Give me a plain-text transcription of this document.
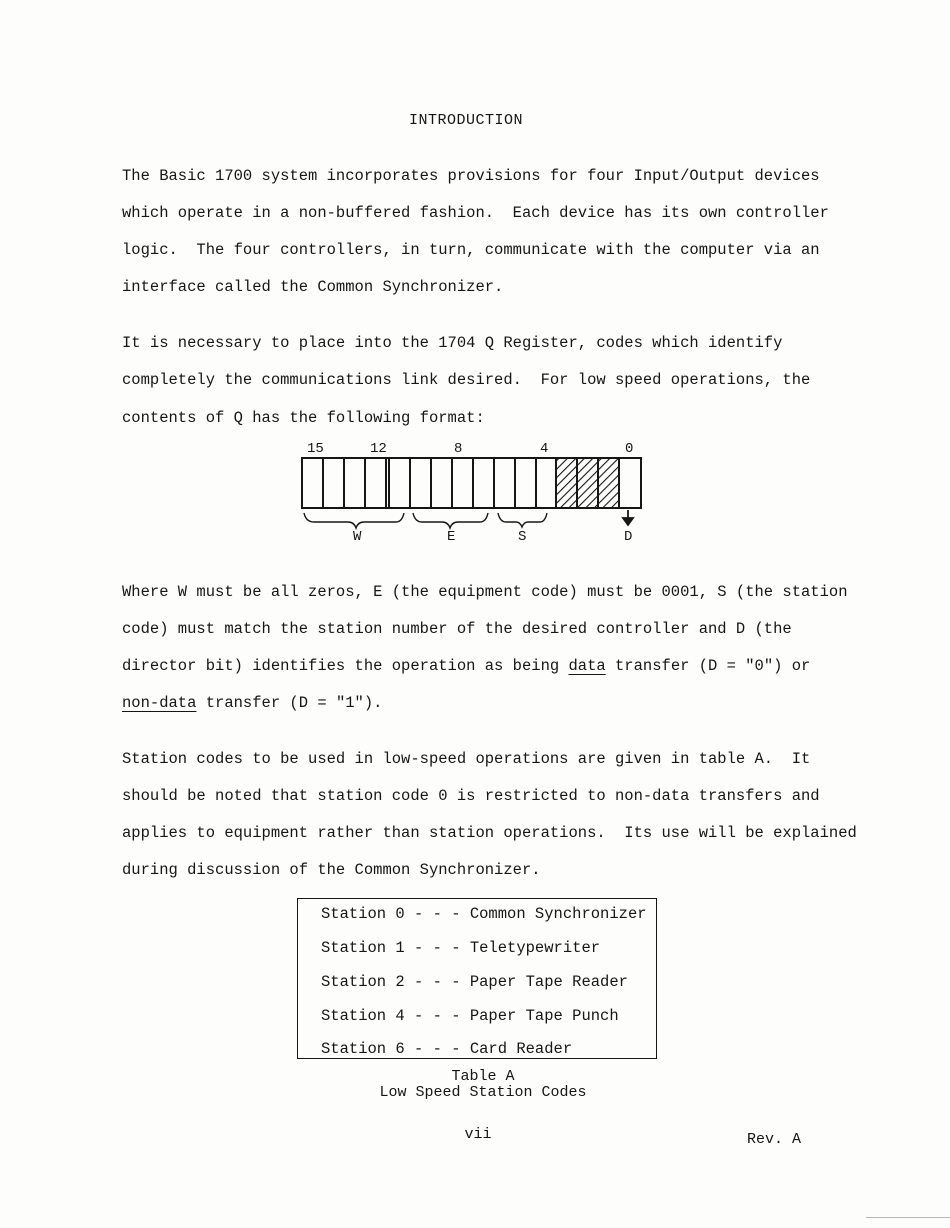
INTRODUCTION
The Basic 1700 system incorporates provisions for four Input/Output devices
which operate in a non-buffered fashion.  Each device has its own controller
logic.  The four controllers, in turn, communicate with the computer via an
interface called the Common Synchronizer.
It is necessary to place into the 1704 Q Register, codes which identify
completely the communications link desired.  For low speed operations, the
contents of Q has the following format:
15	12	8	4	0
W	E	S	D
Where W must be all zeros, E (the equipment code) must be 0001, S (the station
code) must match the station number of the desired controller and D (the
director bit) identifies the operation as being data transfer (D = "0") or
non-data transfer (D = "1").
Station codes to be used in low-speed operations are given in table A.  It
should be noted that station code 0 is restricted to non-data transfers and
applies to equipment rather than station operations.  Its use will be explained
during discussion of the Common Synchronizer.
Station 0 - - - Common Synchronizer
Station 1 - - - Teletypewriter
Station 2 - - - Paper Tape Reader
Station 4 - - - Paper Tape Punch
Station 6 - - - Card Reader
Table A
Low Speed Station Codes
vii	Rev. A
